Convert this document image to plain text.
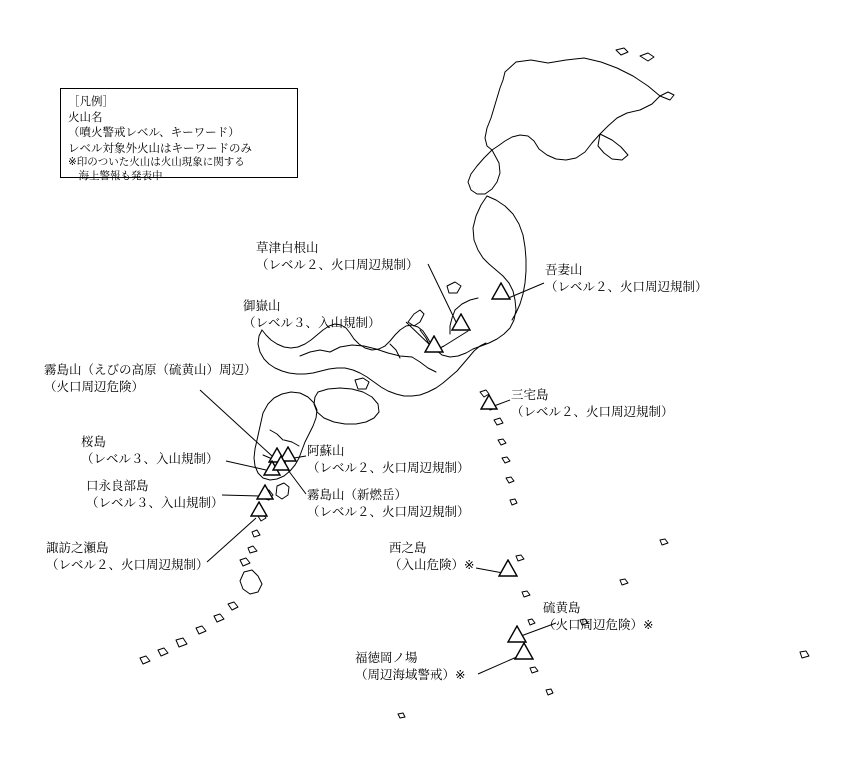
［凡例］
火山名
（噴火警戒レベル、キーワード）
レベル対象外火山はキーワードのみ
※印のついた火山は火山現象に関する
　海上警報も発表中
草津白根山
（レベル２、火口周辺規制）	吾妻山
（レベル２、火口周辺規制）
御嶽山
（レベル３、入山規制）
三宅島
（レベル２、火口周辺規制）
霧島山（えびの高原（硫黄山）周辺）
（火口周辺危険）
桜島
（レベル３、入山規制）	阿蘇山
（レベル２、火口周辺規制）
口永良部島
（レベル３、入山規制）	霧島山（新燃岳）
（レベル２、火口周辺規制）
諏訪之瀬島
（レベル２、火口周辺規制）
西之島
（入山危険）※
硫黄島
（火口周辺危険）※
福徳岡ノ場
（周辺海域警戒）※
